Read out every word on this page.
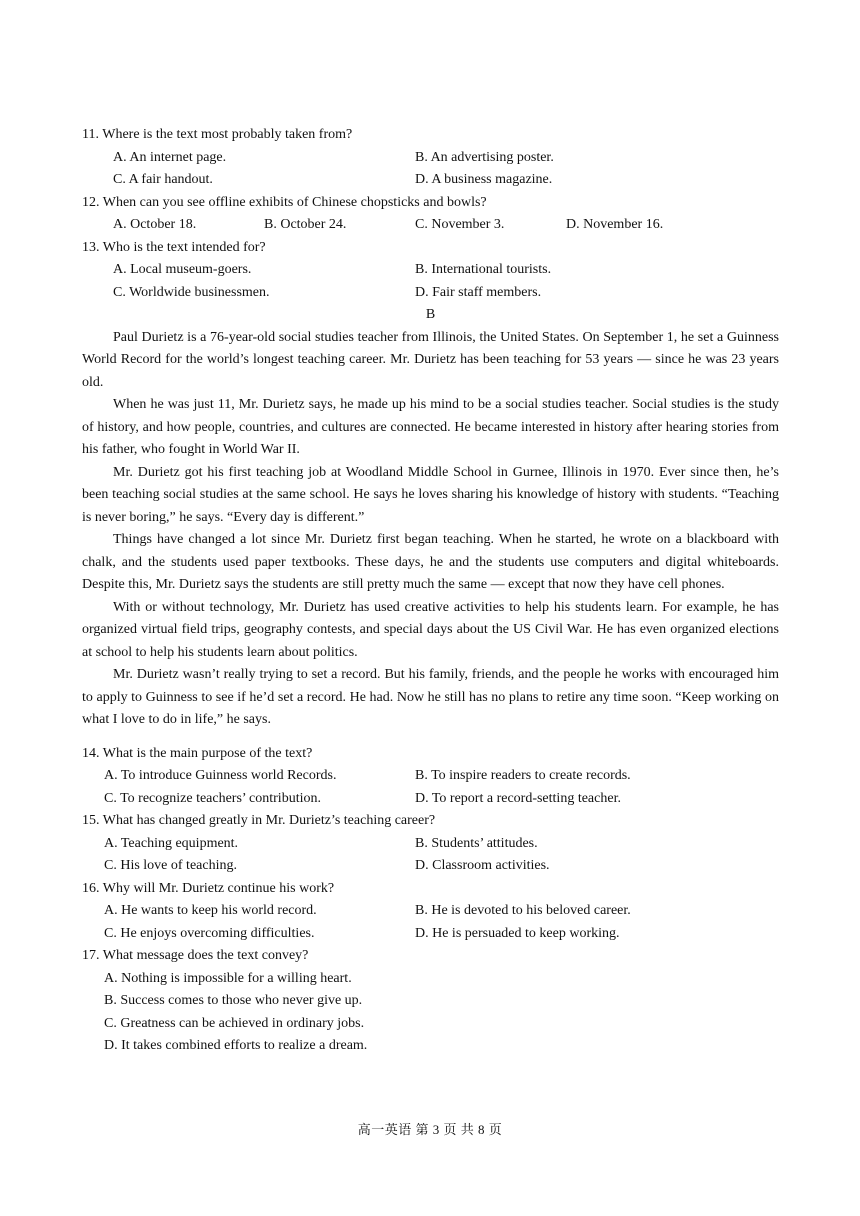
11. Where is the text most probably taken from?

A. An internet page.	B. An advertising poster.
C. A fair handout.	D. A business magazine.

12. When can you see offline exhibits of Chinese chopsticks and bowls?

A. October 18.	B. October 24.	C. November 3.	D. November 16.

13. Who is the text intended for?

A. Local museum-goers.	B. International tourists.
C. Worldwide businessmen.	D. Fair staff members.

B

Paul Durietz is a 76-year-old social studies teacher from Illinois, the United States. On September 1, he set a Guinness World Record for the world’s longest teaching career. Mr. Durietz has been teaching for 53 years — since he was 23 years old.

When he was just 11, Mr. Durietz says, he made up his mind to be a social studies teacher. Social studies is the study of history, and how people, countries, and cultures are connected. He became interested in history after hearing stories from his father, who fought in World War II.

Mr. Durietz got his first teaching job at Woodland Middle School in Gurnee, Illinois in 1970. Ever since then, he’s been teaching social studies at the same school. He says he loves sharing his knowledge of history with students. “Teaching is never boring,” he says. “Every day is different.”

Things have changed a lot since Mr. Durietz first began teaching. When he started, he wrote on a blackboard with chalk, and the students used paper textbooks. These days, he and the students use computers and digital whiteboards. Despite this, Mr. Durietz says the students are still pretty much the same — except that now they have cell phones.

With or without technology, Mr. Durietz has used creative activities to help his students learn. For example, he has organized virtual field trips, geography contests, and special days about the US Civil War. He has even organized elections at school to help his students learn about politics.

Mr. Durietz wasn’t really trying to set a record. But his family, friends, and the people he works with encouraged him to apply to Guinness to see if he’d set a record. He had. Now he still has no plans to retire any time soon. “Keep working on what I love to do in life,” he says.

14. What is the main purpose of the text?

A. To introduce Guinness world Records.	B. To inspire readers to create records.
C. To recognize teachers’ contribution.	D. To report a record-setting teacher.

15. What has changed greatly in Mr. Durietz’s teaching career?

A. Teaching equipment.	B. Students’ attitudes.
C. His love of teaching.	D. Classroom activities.

16. Why will Mr. Durietz continue his work?

A. He wants to keep his world record.	B. He is devoted to his beloved career.
C. He enjoys overcoming difficulties.	D. He is persuaded to keep working.

17. What message does the text convey?

A. Nothing is impossible for a willing heart.
B. Success comes to those who never give up.
C. Greatness can be achieved in ordinary jobs.
D. It takes combined efforts to realize a dream.
高一英语 第 3 页 共 8 页
